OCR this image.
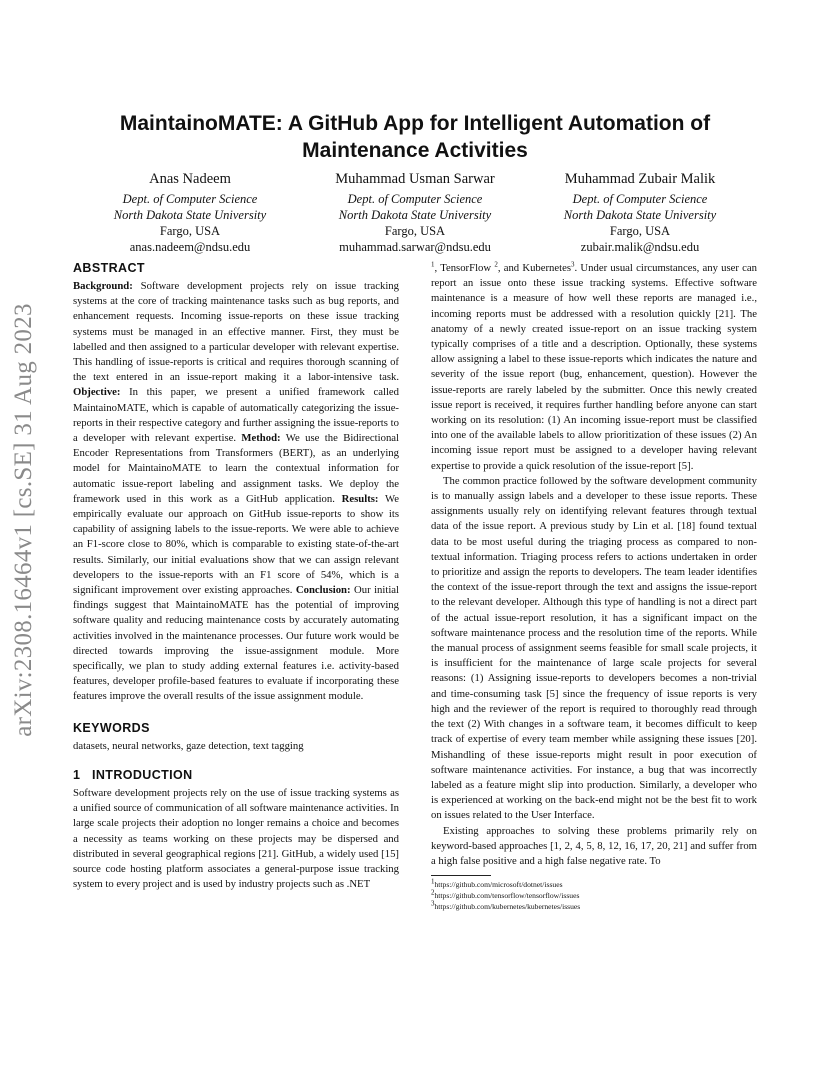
arXiv:2308.16464v1 [cs.SE] 31 Aug 2023
MaintainoMATE: A GitHub App for Intelligent Automation of Maintenance Activities
Anas Nadeem
Dept. of Computer Science
North Dakota State University
Fargo, USA
anas.nadeem@ndsu.edu
Muhammad Usman Sarwar
Dept. of Computer Science
North Dakota State University
Fargo, USA
muhammad.sarwar@ndsu.edu
Muhammad Zubair Malik
Dept. of Computer Science
North Dakota State University
Fargo, USA
zubair.malik@ndsu.edu
ABSTRACT

Background: Software development projects rely on issue tracking systems at the core of tracking maintenance tasks such as bug reports, and enhancement requests. Incoming issue-reports on these issue tracking systems must be managed in an effective manner. First, they must be labelled and then assigned to a particular developer with relevant expertise. This handling of issue-reports is critical and requires thorough scanning of the text entered in an issue-report making it a labor-intensive task. Objective: In this paper, we present a unified framework called MaintainoMATE, which is capable of automatically categorizing the issue-reports in their respective category and further assigning the issue-reports to a developer with relevant expertise. Method: We use the Bidirectional Encoder Representations from Transformers (BERT), as an underlying model for MaintainoMATE to learn the contextual information for automatic issue-report labeling and assignment tasks. We deploy the framework used in this work as a GitHub application. Results: We empirically evaluate our approach on GitHub issue-reports to show its capability of assigning labels to the issue-reports. We were able to achieve an F1-score close to 80%, which is comparable to existing state-of-the-art results. Similarly, our initial evaluations show that we can assign relevant developers to the issue-reports with an F1 score of 54%, which is a significant improvement over existing approaches. Conclusion: Our initial findings suggest that MaintainoMATE has the potential of improving software quality and reducing maintenance costs by accurately automating activities involved in the maintenance processes. Our future work would be directed towards improving the issue-assignment module. More specifically, we plan to study adding external features i.e. activity-based features, developer profile-based features to evaluate if incorporating these features improve the overall results of the issue assignment module.

KEYWORDS

datasets, neural networks, gaze detection, text tagging

1 INTRODUCTION

Software development projects rely on the use of issue tracking systems as a unified source of communication of all software maintenance activities. In large scale projects their adoption no longer remains a choice and becomes a necessity as teams working on these projects may be dispersed and distributed in several geographical regions [21]. GitHub, a widely used [15] source code hosting platform associates a general-purpose issue tracking system to every project and is used by industry projects such as .NET

$^1$, TensorFlow $^2$, and Kubernetes$^3$. Under usual circumstances, any user can report an issue onto these issue tracking systems. Effective software maintenance is a measure of how well these reports are managed i.e., incoming reports must be addressed with a resolution quickly [21]. The anatomy of a newly created issue-report on an issue tracking system typically comprises of a title and a description. Optionally, these systems allow assigning a label to these issue-reports which indicates the nature and severity of the issue report (bug, enhancement, question). However the issue-reports are rarely labeled by the submitter. Once this newly created issue report is received, it requires further handling before anyone can start working on its resolution: (1) An incoming issue-report must be classified into one of the available labels to allow prioritization of these issues (2) An incoming issue report must be assigned to a developer having relevant expertise to provide a quick resolution of the issue-report [5].

The common practice followed by the software development community is to manually assign labels and a developer to these issue reports. These assignments usually rely on identifying relevant features through textual data of the issue report. A previous study by Lin et al. [18] found textual data to be most useful during the triaging process as compared to non-textual information. Triaging process refers to actions undertaken in order to prioritize and assign the reports to developers. The team leader identifies the context of the issue-report through the text and assigns the issue-report to the relevant developer. Although this type of handling is not a direct part of the actual issue-report resolution, it has a significant impact on the software maintenance process and the resolution time of the reports. While the manual process of assignment seems feasible for small scale projects, it is insufficient for the maintenance of large scale projects for several reasons: (1) Assigning issue-reports to developers becomes a non-trivial and time-consuming task [5] since the frequency of issue reports is very high and the reviewer of the report is required to thoroughly read through the text (2) With changes in a software team, it becomes difficult to keep track of expertise of every team member while assigning these issues [20]. Mishandling of these issue-reports might result in poor execution of software maintenance activities. For instance, a bug that was incorrectly labeled as a feature might slip into production. Similarly, a developer who is experienced at working on the back-end might not be the best fit to work on issues related to the User Interface.

Existing approaches to solving these problems primarily rely on keyword-based approaches [1, 2, 4, 5, 8, 12, 16, 17, 20, 21] and suffer from a high false positive and a high false negative rate. To

$^1$https://github.com/microsoft/dotnet/issues
$^2$https://github.com/tensorflow/tensorflow/issues
$^3$https://github.com/kubernetes/kubernetes/issues
